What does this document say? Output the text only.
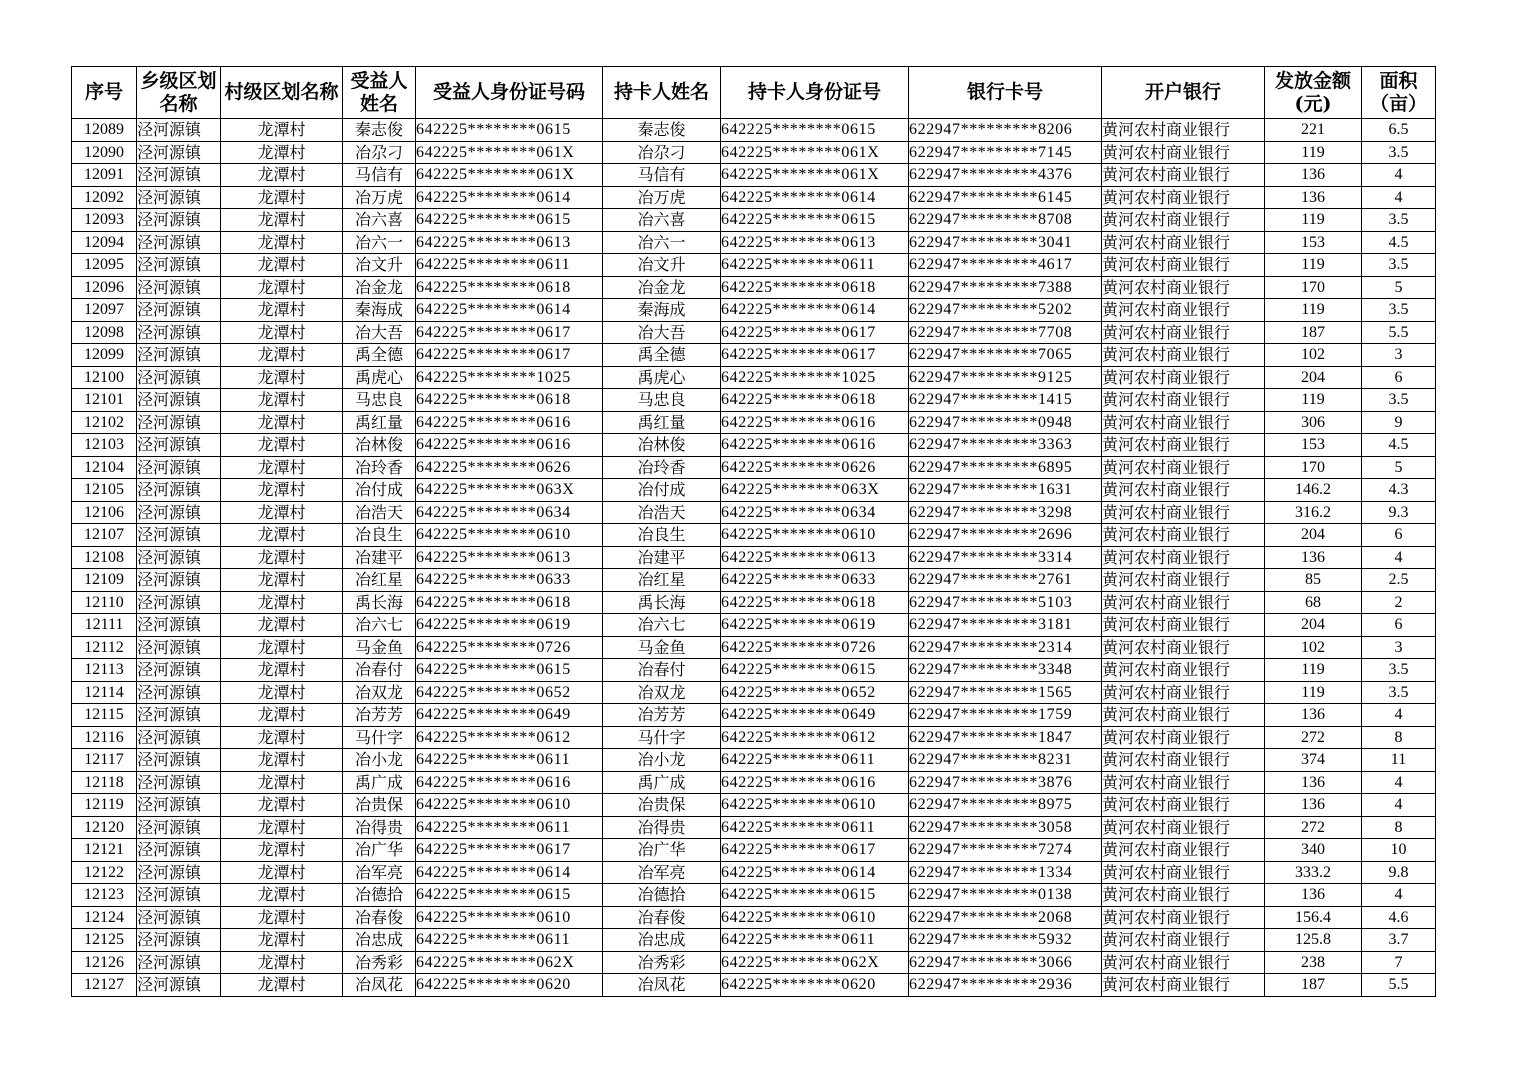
序号	乡级区划名称	村级区划名称	受益人姓名	受益人身份证号码	持卡人姓名	持卡人身份证号	银行卡号	开户银行	发放金额(元)	面积（亩）
12089	泾河源镇	龙潭村	秦志俊	642225********0615	秦志俊	642225********0615	622947*********8206	黄河农村商业银行	221	6.5
12090	泾河源镇	龙潭村	冶尕刁	642225********061X	冶尕刁	642225********061X	622947*********7145	黄河农村商业银行	119	3.5
12091	泾河源镇	龙潭村	马信有	642225********061X	马信有	642225********061X	622947*********4376	黄河农村商业银行	136	4
12092	泾河源镇	龙潭村	冶万虎	642225********0614	冶万虎	642225********0614	622947*********6145	黄河农村商业银行	136	4
12093	泾河源镇	龙潭村	冶六喜	642225********0615	冶六喜	642225********0615	622947*********8708	黄河农村商业银行	119	3.5
12094	泾河源镇	龙潭村	冶六一	642225********0613	冶六一	642225********0613	622947*********3041	黄河农村商业银行	153	4.5
12095	泾河源镇	龙潭村	冶文升	642225********0611	冶文升	642225********0611	622947*********4617	黄河农村商业银行	119	3.5
12096	泾河源镇	龙潭村	冶金龙	642225********0618	冶金龙	642225********0618	622947*********7388	黄河农村商业银行	170	5
12097	泾河源镇	龙潭村	秦海成	642225********0614	秦海成	642225********0614	622947*********5202	黄河农村商业银行	119	3.5
12098	泾河源镇	龙潭村	冶大吾	642225********0617	冶大吾	642225********0617	622947*********7708	黄河农村商业银行	187	5.5
12099	泾河源镇	龙潭村	禹全德	642225********0617	禹全德	642225********0617	622947*********7065	黄河农村商业银行	102	3
12100	泾河源镇	龙潭村	禹虎心	642225********1025	禹虎心	642225********1025	622947*********9125	黄河农村商业银行	204	6
12101	泾河源镇	龙潭村	马忠良	642225********0618	马忠良	642225********0618	622947*********1415	黄河农村商业银行	119	3.5
12102	泾河源镇	龙潭村	禹红量	642225********0616	禹红量	642225********0616	622947*********0948	黄河农村商业银行	306	9
12103	泾河源镇	龙潭村	冶林俊	642225********0616	冶林俊	642225********0616	622947*********3363	黄河农村商业银行	153	4.5
12104	泾河源镇	龙潭村	冶玲香	642225********0626	冶玲香	642225********0626	622947*********6895	黄河农村商业银行	170	5
12105	泾河源镇	龙潭村	冶付成	642225********063X	冶付成	642225********063X	622947*********1631	黄河农村商业银行	146.2	4.3
12106	泾河源镇	龙潭村	冶浩天	642225********0634	冶浩天	642225********0634	622947*********3298	黄河农村商业银行	316.2	9.3
12107	泾河源镇	龙潭村	冶良生	642225********0610	冶良生	642225********0610	622947*********2696	黄河农村商业银行	204	6
12108	泾河源镇	龙潭村	冶建平	642225********0613	冶建平	642225********0613	622947*********3314	黄河农村商业银行	136	4
12109	泾河源镇	龙潭村	冶红星	642225********0633	冶红星	642225********0633	622947*********2761	黄河农村商业银行	85	2.5
12110	泾河源镇	龙潭村	禹长海	642225********0618	禹长海	642225********0618	622947*********5103	黄河农村商业银行	68	2
12111	泾河源镇	龙潭村	冶六七	642225********0619	冶六七	642225********0619	622947*********3181	黄河农村商业银行	204	6
12112	泾河源镇	龙潭村	马金鱼	642225********0726	马金鱼	642225********0726	622947*********2314	黄河农村商业银行	102	3
12113	泾河源镇	龙潭村	冶春付	642225********0615	冶春付	642225********0615	622947*********3348	黄河农村商业银行	119	3.5
12114	泾河源镇	龙潭村	冶双龙	642225********0652	冶双龙	642225********0652	622947*********1565	黄河农村商业银行	119	3.5
12115	泾河源镇	龙潭村	冶芳芳	642225********0649	冶芳芳	642225********0649	622947*********1759	黄河农村商业银行	136	4
12116	泾河源镇	龙潭村	马什字	642225********0612	马什字	642225********0612	622947*********1847	黄河农村商业银行	272	8
12117	泾河源镇	龙潭村	冶小龙	642225********0611	冶小龙	642225********0611	622947*********8231	黄河农村商业银行	374	11
12118	泾河源镇	龙潭村	禹广成	642225********0616	禹广成	642225********0616	622947*********3876	黄河农村商业银行	136	4
12119	泾河源镇	龙潭村	冶贵保	642225********0610	冶贵保	642225********0610	622947*********8975	黄河农村商业银行	136	4
12120	泾河源镇	龙潭村	冶得贵	642225********0611	冶得贵	642225********0611	622947*********3058	黄河农村商业银行	272	8
12121	泾河源镇	龙潭村	冶广华	642225********0617	冶广华	642225********0617	622947*********7274	黄河农村商业银行	340	10
12122	泾河源镇	龙潭村	冶军亮	642225********0614	冶军亮	642225********0614	622947*********1334	黄河农村商业银行	333.2	9.8
12123	泾河源镇	龙潭村	冶德拾	642225********0615	冶德拾	642225********0615	622947*********0138	黄河农村商业银行	136	4
12124	泾河源镇	龙潭村	冶春俊	642225********0610	冶春俊	642225********0610	622947*********2068	黄河农村商业银行	156.4	4.6
12125	泾河源镇	龙潭村	冶忠成	642225********0611	冶忠成	642225********0611	622947*********5932	黄河农村商业银行	125.8	3.7
12126	泾河源镇	龙潭村	冶秀彩	642225********062X	冶秀彩	642225********062X	622947*********3066	黄河农村商业银行	238	7
12127	泾河源镇	龙潭村	冶凤花	642225********0620	冶凤花	642225********0620	622947*********2936	黄河农村商业银行	187	5.5
